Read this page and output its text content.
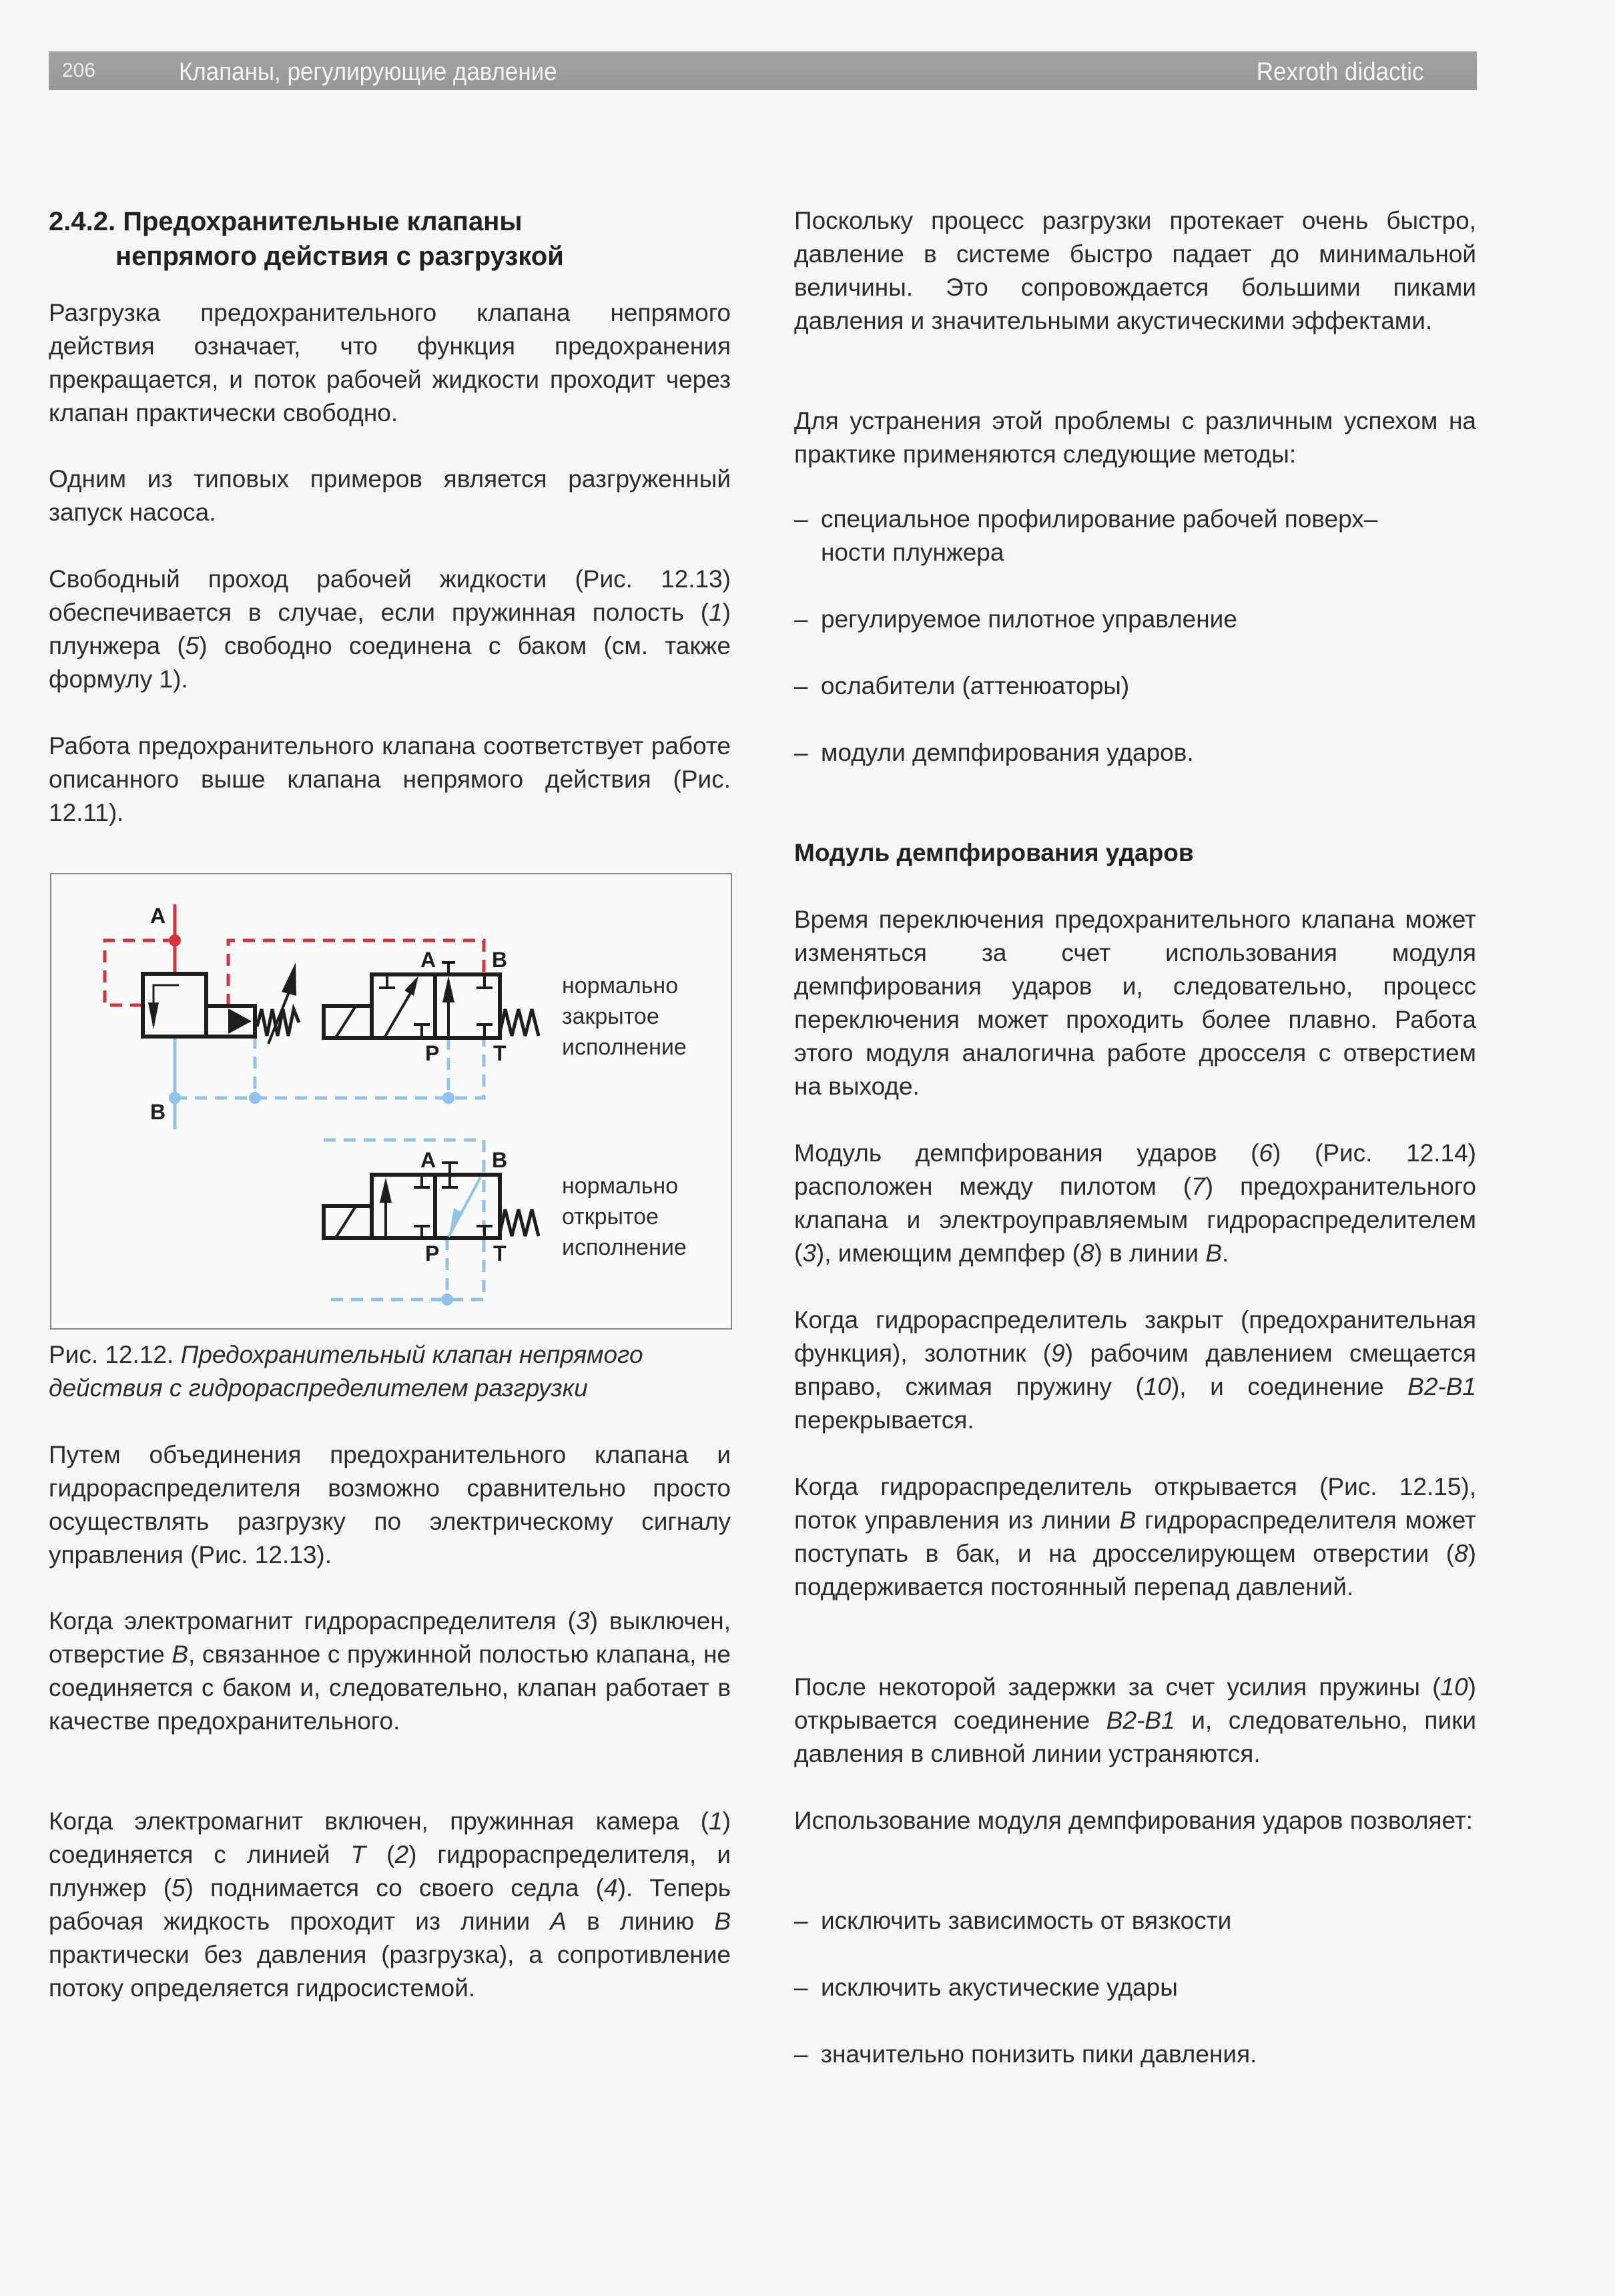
206	Клапаны, регулирующие давление	Rexroth didactic
2.4.2. Предохранительные клапаны
непрямого действия с разгрузкой

Разгрузка предохранительного клапана непрямого действия означает, что функция предохранения прекращается, и поток рабочей жидкости проходит через клапан практически свободно.

Одним из типовых примеров является разгруженный запуск насоса.

Свободный проход рабочей жидкости (Рис. 12.13) обеспечивается в случае, если пружинная полость (1) плунжера (5) свободно соединена с баком (см. также формулу 1).

Работа предохранительного клапана соответствует работе описанного выше клапана непрямого действия (Рис. 12.11).

Рис. 12.12. Предохранительный клапан непрямого действия с гидрораспределителем разгрузки

Путем объединения предохранительного клапана и гидрораспределителя возможно сравнительно просто осуществлять разгрузку по электрическому сигналу управления (Рис. 12.13).

Когда электромагнит гидрораспределителя (3) выключен, отверстие B, связанное с пружинной полостью клапана, не соединяется с баком и, следовательно, клапан работает в качестве предохранительного.

Когда электромагнит включен, пружинная камера (1) соединяется с линией T (2) гидрораспределителя, и плунжер (5) поднимается со своего седла (4). Теперь рабочая жидкость проходит из линии A в линию B практически без давления (разгрузка), а сопротивление потоку определяется гидросистемой.

A
B
A	B
P	T
A	B
P	T
нормально
закрытое
исполнение
нормально
открытое
исполнение

Поскольку процесс разгрузки протекает очень быстро, давление в системе быстро падает до минимальной величины. Это сопровождается большими пиками давления и значительными акустическими эффектами.

Для устранения этой проблемы с различным успехом на практике применяются следующие методы:

– специальное профилирование рабочей поверх–
ности плунжера
– регулируемое пилотное управление
– ослабители (аттенюаторы)
– модули демпфирования ударов.
Модуль демпфирования ударов

Время переключения предохранительного клапана может изменяться за счет использования модуля демпфирования ударов и, следовательно, процесс переключения может проходить более плавно. Работа этого модуля аналогична работе дросселя с отверстием на выходе.

Модуль демпфирования ударов (6) (Рис. 12.14) расположен между пилотом (7) предохранительного клапана и электроуправляемым гидрораспределителем (3), имеющим демпфер (8) в линии B.

Когда гидрораспределитель закрыт (предохранительная функция), золотник (9) рабочим давлением смещается вправо, сжимая пружину (10), и соединение B2-B1 перекрывается.

Когда гидрораспределитель открывается (Рис. 12.15), поток управления из линии B гидрораспределителя может поступать в бак, и на дросселирующем отверстии (8) поддерживается постоянный перепад давлений.

После некоторой задержки за счет усилия пружины (10) открывается соединение B2-B1 и, следовательно, пики давления в сливной линии устраняются.

Использование модуля демпфирования ударов позволяет:

– исключить зависимость от вязкости
– исключить акустические удары
– значительно понизить пики давления.
